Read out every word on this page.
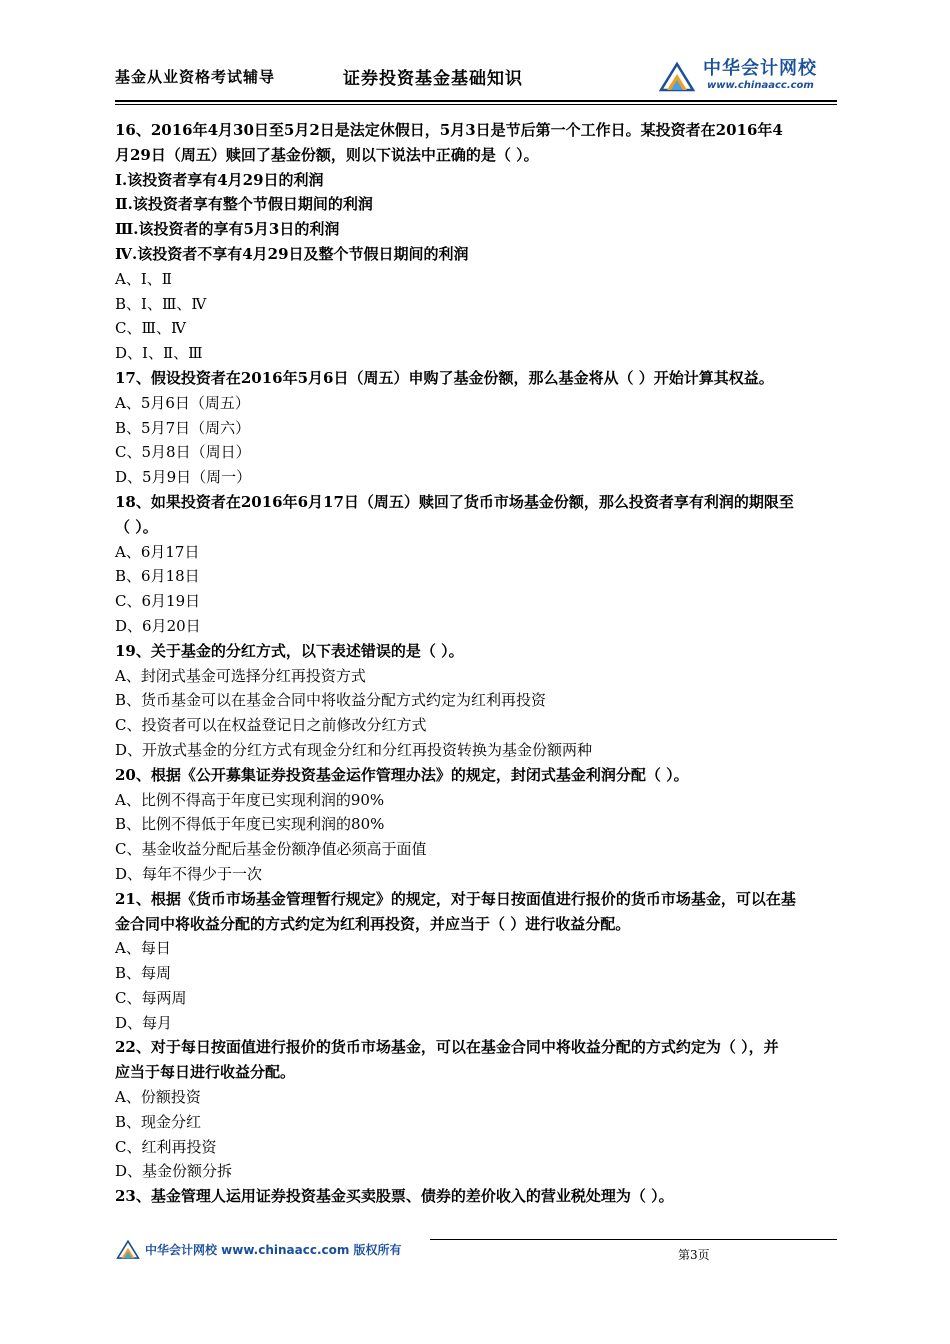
基金从业资格考试辅导	证券投资基金基础知识	中华会计网校
www.chinaacc.com
16、2016年4月30日至5月2日是法定休假日，5月3日是节后第一个工作日。某投资者在2016年4
月29日（周五）赎回了基金份额，则以下说法中正确的是（ ）。
Ⅰ.该投资者享有4月29日的利润
Ⅱ.该投资者享有整个节假日期间的利润
Ⅲ.该投资者的享有5月3日的利润
Ⅳ.该投资者不享有4月29日及整个节假日期间的利润
A、Ⅰ、Ⅱ
B、Ⅰ、Ⅲ、Ⅳ
C、Ⅲ、Ⅳ
D、Ⅰ、Ⅱ、Ⅲ
17、假设投资者在2016年5月6日（周五）申购了基金份额，那么基金将从（ ）开始计算其权益。
A、5月6日（周五）
B、5月7日（周六）
C、5月8日（周日）
D、5月9日（周一）
18、如果投资者在2016年6月17日（周五）赎回了货币市场基金份额，那么投资者享有利润的期限至
（ ）。
A、6月17日
B、6月18日
C、6月19日
D、6月20日
19、关于基金的分红方式，以下表述错误的是（ ）。
A、封闭式基金可选择分红再投资方式
B、货币基金可以在基金合同中将收益分配方式约定为红利再投资
C、投资者可以在权益登记日之前修改分红方式
D、开放式基金的分红方式有现金分红和分红再投资转换为基金份额两种
20、根据《公开募集证券投资基金运作管理办法》的规定，封闭式基金利润分配（ ）。
A、比例不得高于年度已实现利润的90%
B、比例不得低于年度已实现利润的80%
C、基金收益分配后基金份额净值必须高于面值
D、每年不得少于一次
21、根据《货币市场基金管理暂行规定》的规定，对于每日按面值进行报价的货币市场基金，可以在基
金合同中将收益分配的方式约定为红利再投资，并应当于（ ）进行收益分配。
A、每日
B、每周
C、每两周
D、每月
22、对于每日按面值进行报价的货币市场基金，可以在基金合同中将收益分配的方式约定为（ ），并
应当于每日进行收益分配。
A、份额投资
B、现金分红
C、红利再投资
D、基金份额分拆
23、基金管理人运用证券投资基金买卖股票、债券的差价收入的营业税处理为（ ）。
中华会计网校 www.chinaacc.com 版权所有	第3页
